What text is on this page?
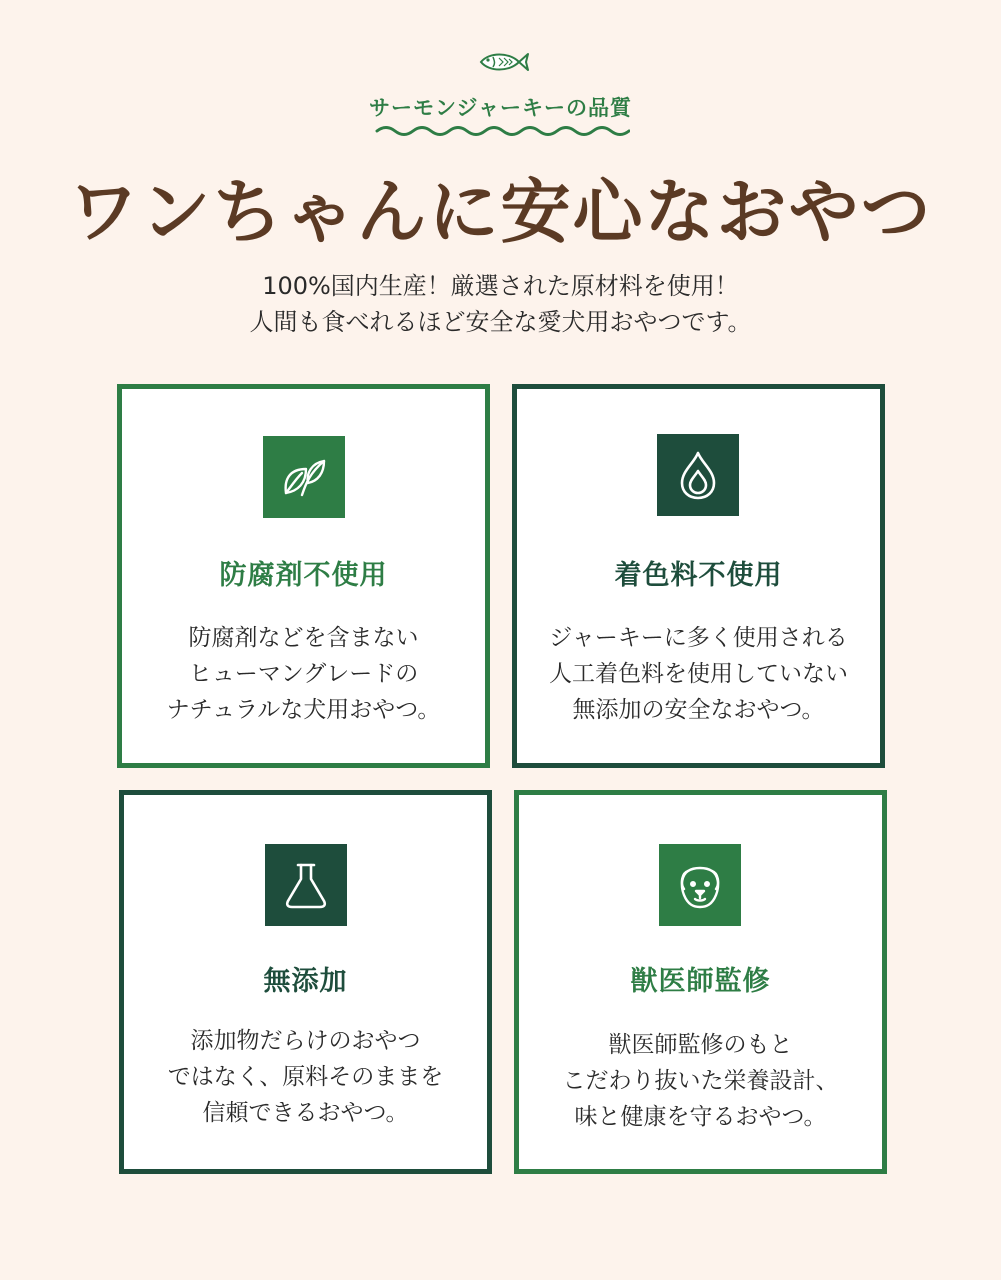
サーモンジャーキーの品質
ワンちゃんに安心なおやつ
100%国内生産！厳選された原材料を使用！
人間も食べれるほど安全な愛犬用おやつです。
防腐剤不使用
防腐剤などを含まない
ヒューマングレードの
ナチュラルな犬用おやつ。
着色料不使用
ジャーキーに多く使用される
人工着色料を使用していない
無添加の安全なおやつ。
無添加
添加物だらけのおやつ
ではなく、原料そのままを
信頼できるおやつ。
獣医師監修
獣医師監修のもと
こだわり抜いた栄養設計、
味と健康を守るおやつ。
